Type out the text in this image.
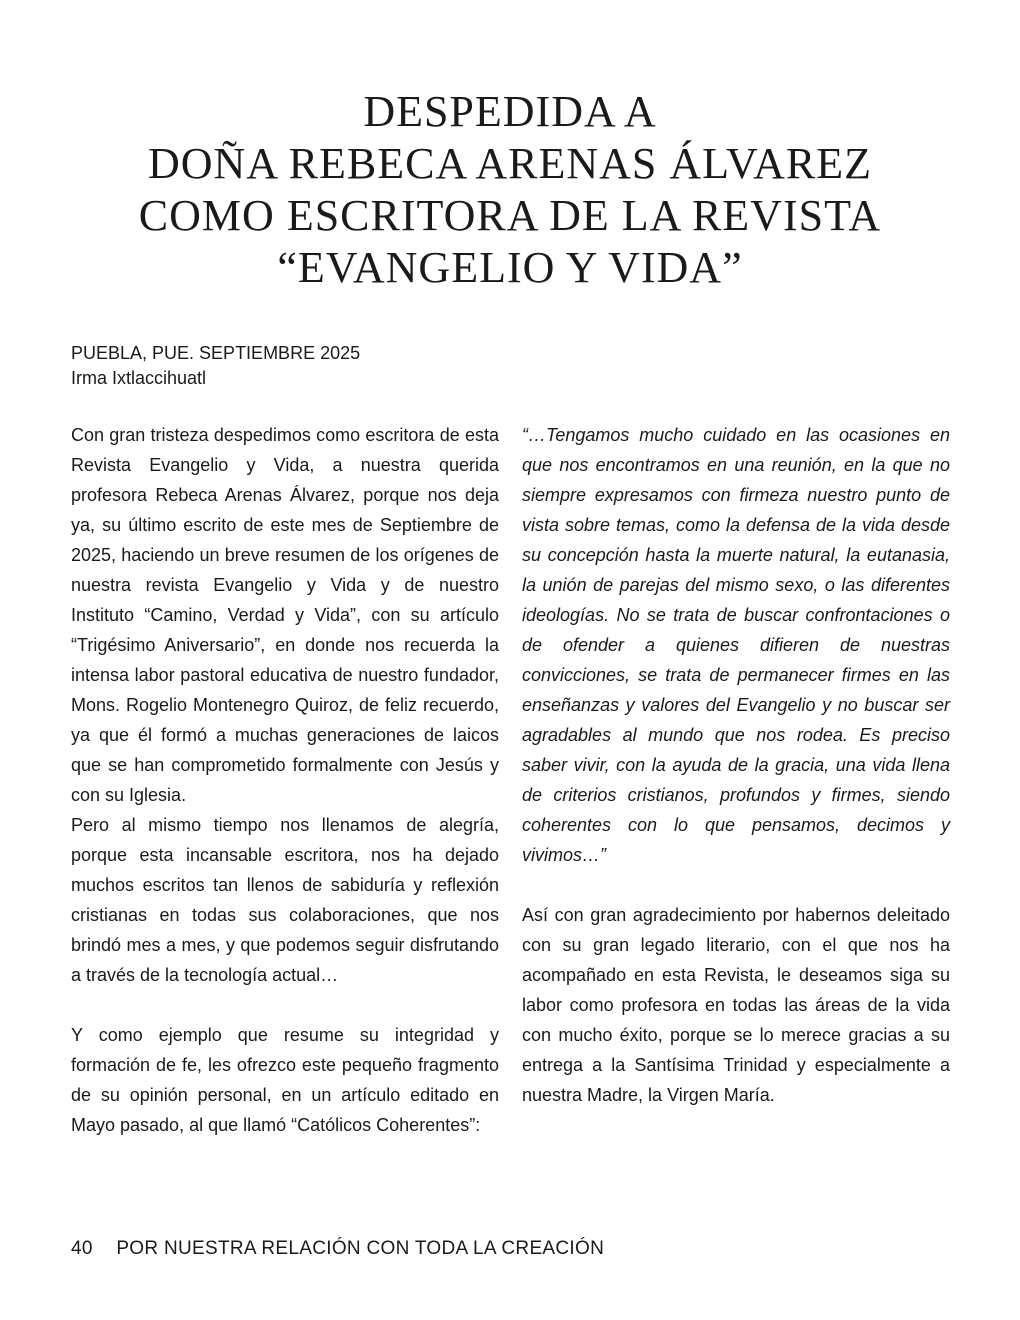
DESPEDIDA A
DOÑA REBECA ARENAS ÁLVAREZ
COMO ESCRITORA DE LA REVISTA
“EVANGELIO Y VIDA”
PUEBLA, PUE. SEPTIEMBRE 2025
Irma Ixtlaccihuatl

Con gran tristeza despedimos como escritora de esta Revista Evangelio y Vida, a nuestra querida profesora Rebeca Arenas Álvarez, porque nos deja ya, su último escrito de este mes de Septiembre de 2025, haciendo un breve resumen de los orígenes de nuestra revista Evangelio y Vida y de nuestro Instituto “Camino, Verdad y Vida”, con su artículo “Trigésimo Aniversario”, en donde nos recuerda la intensa labor pastoral educativa de nuestro fundador, Mons. Rogelio Montenegro Quiroz, de feliz recuerdo, ya que él formó a muchas generaciones de laicos que se han comprometido formalmente con Jesús y con su Iglesia.

Pero al mismo tiempo nos llenamos de alegría, porque esta incansable escritora, nos ha dejado muchos escritos tan llenos de sabiduría y reflexión cristianas en todas sus colaboraciones, que nos brindó mes a mes, y que podemos seguir disfrutando a través de la tecnología actual…

Y como ejemplo que resume su integridad y formación de fe, les ofrezco este pequeño fragmento de su opinión personal, en un artículo editado en Mayo pasado, al que llamó “Católicos Coherentes”:

“…Tengamos mucho cuidado en las ocasiones en que nos encontramos en una reunión, en la que no siempre expresamos con firmeza nuestro punto de vista sobre temas, como la defensa de la vida desde su concepción hasta la muerte natural, la eutanasia, la unión de parejas del mismo sexo, o las diferentes ideologías. No se trata de buscar confrontaciones o de ofender a quienes difieren de nuestras convicciones, se trata de permanecer firmes en las enseñanzas y valores del Evangelio y no buscar ser agradables al mundo que nos rodea. Es preciso saber vivir, con la ayuda de la gracia, una vida llena de criterios cristianos, profundos y firmes, siendo coherentes con lo que pensamos, decimos y vivimos…”

Así con gran agradecimiento por habernos deleitado con su gran legado literario, con el que nos ha acompañado en esta Revista, le deseamos siga su labor como profesora en todas las áreas de la vida con mucho éxito, porque se lo merece gracias a su entrega a la Santísima Trinidad y especialmente a nuestra Madre, la Virgen María.

40 POR NUESTRA RELACIÓN CON TODA LA CREACIÓN
